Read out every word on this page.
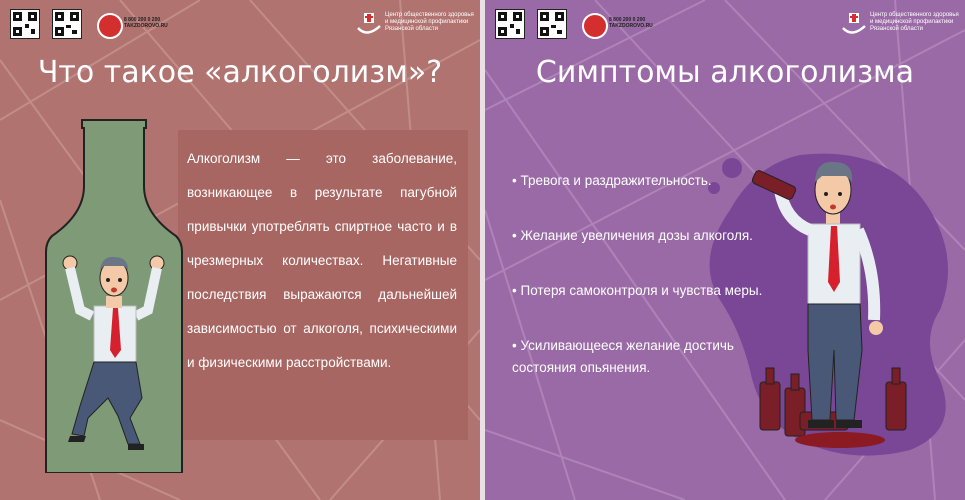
8 800 200 0 200 TAKZDOROVO.RU
Центр общественного здоровья и медицинской профилактики Рязанской области
Что такое «алкоголизм»?
Алкоголизм — это заболевание, возникающее в результате пагубной привычки употреблять спиртное часто и в чрезмерных количествах. Негативные последствия выражаются дальнейшей зависимостью от алкоголя, психическими и физическими расстройствами.
8 800 200 0 200 TAKZDOROVO.RU
Центр общественного здоровья и медицинской профилактики Рязанской области
Симптомы алкоголизма
• Тревога и раздражительность.
• Желание увеличения дозы алкоголя.
• Потеря самоконтроля и чувства меры.
• Усиливающееся желание достичь состояния опьянения.
